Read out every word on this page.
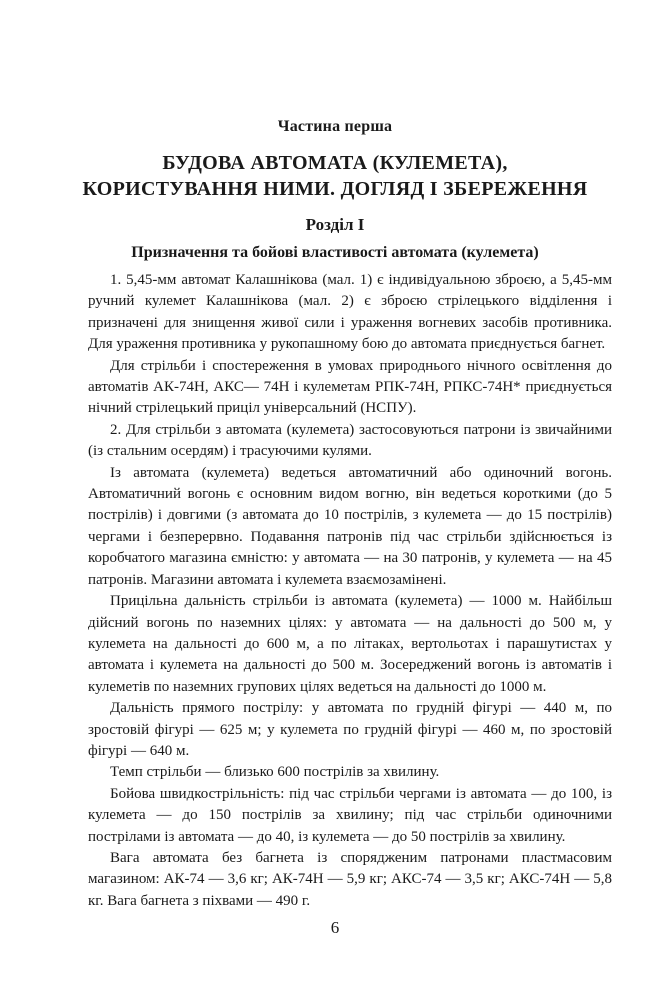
Частина перша
БУДОВА АВТОМАТА (КУЛЕМЕТА),
КОРИСТУВАННЯ НИМИ. ДОГЛЯД І ЗБЕРЕЖЕННЯ
Розділ I
Призначення та бойові властивості автомата (кулемета)

1. 5,45-мм автомат Калашнікова (мал. 1) є індивідуальною зброєю, а 5,45-мм ручний кулемет Калашнікова (мал. 2) є зброєю стрілецького відділення і призначені для знищення живої сили і ураження вогневих засобів противника. Для ураження противника у рукопашному бою до автомата приєднується багнет.

Для стрільби і спостереження в умовах природнього нічного освітлення до автоматів АК-74Н, АКС— 74Н і кулеметам РПК-74Н, РПКС-74Н* приєднується нічний стрілецький приціл універсальний (НСПУ).

2. Для стрільби з автомата (кулемета) застосовуються патрони із звичайними (із стальним осердям) і трасуючими кулями.

Із автомата (кулемета) ведеться автоматичний або одиночний вогонь. Автоматичний вогонь є основним видом вогню, він ведеться короткими (до 5 пострілів) і довгими (з автомата до 10 пострілів, з кулемета — до 15 пострілів) чергами і безперервно. Подавання патронів під час стрільби здійснюється із коробчатого магазина ємністю: у автомата — на 30 патронів, у кулемета — на 45 патронів. Магазини автомата і кулемета взаємозамінені.

Прицільна дальність стрільби із автомата (кулемета) — 1000 м. Найбільш дійсний вогонь по наземних цілях: у автомата — на дальності до 500 м, у кулемета на дальності до 600 м, а по літаках, вертольотах і парашутистах у автомата і кулемета на дальності до 500 м. Зосереджений вогонь із автоматів і кулеметів по наземних групових цілях ведеться на дальності до 1000 м.

Дальність прямого пострілу: у автомата по грудній фігурі — 440 м, по зростовій фігурі — 625 м; у кулемета по грудній фігурі — 460 м, по зростовій фігурі — 640 м.

Темп стрільби — близько 600 пострілів за хвилину.

Бойова швидкострільність: під час стрільби чергами із автомата — до 100, із кулемета — до 150 пострілів за хвилину; під час стрільби одиночними пострілами із автомата — до 40, із кулемета — до 50 пострілів за хвилину.

Вага автомата без багнета із спорядженим патронами пластмасовим магазином: АК-74 — 3,6 кг; АК-74Н — 5,9 кг; АКС-74 — 3,5 кг; АКС-74Н — 5,8 кг. Вага багнета з піхвами — 490 г.

6
